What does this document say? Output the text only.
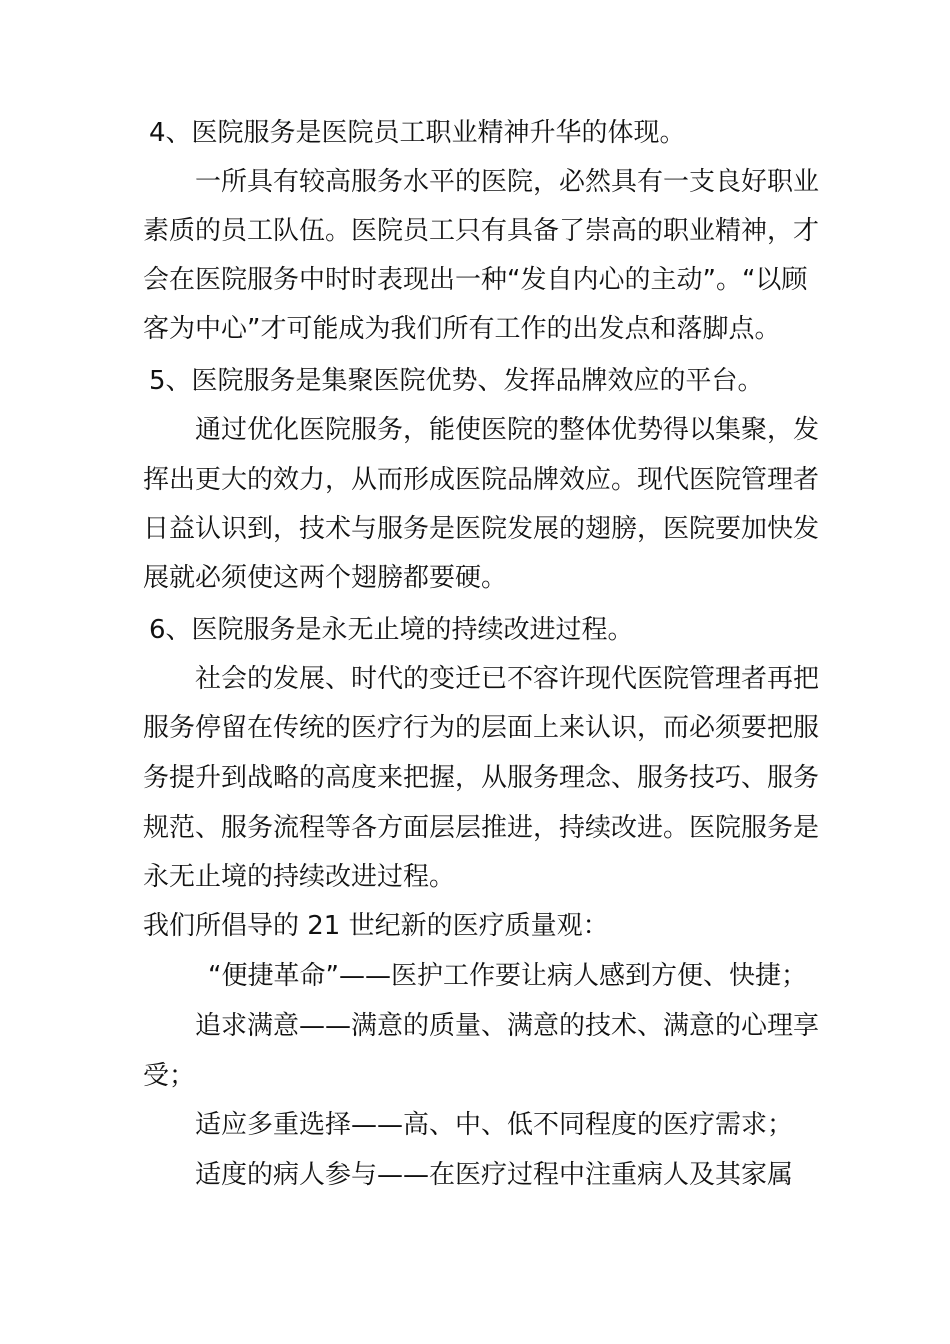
4、医院服务是医院员工职业精神升华的体现。
一所具有较高服务水平的医院，必然具有一支良好职业
素质的员工队伍。医院员工只有具备了崇高的职业精神，才
会在医院服务中时时表现出一种“发自内心的主动”。“以顾
客为中心”才可能成为我们所有工作的出发点和落脚点。
5、医院服务是集聚医院优势、发挥品牌效应的平台。
通过优化医院服务，能使医院的整体优势得以集聚，发
挥出更大的效力，从而形成医院品牌效应。现代医院管理者
日益认识到，技术与服务是医院发展的翅膀，医院要加快发
展就必须使这两个翅膀都要硬。
6、医院服务是永无止境的持续改进过程。
社会的发展、时代的变迁已不容许现代医院管理者再把
服务停留在传统的医疗行为的层面上来认识，而必须要把服
务提升到战略的高度来把握，从服务理念、服务技巧、服务
规范、服务流程等各方面层层推进，持续改进。医院服务是
永无止境的持续改进过程。
我们所倡导的 21 世纪新的医疗质量观：
“便捷革命”——医护工作要让病人感到方便、快捷；
追求满意——满意的质量、满意的技术、满意的心理享
受；
适应多重选择——高、中、低不同程度的医疗需求；
适度的病人参与——在医疗过程中注重病人及其家属
